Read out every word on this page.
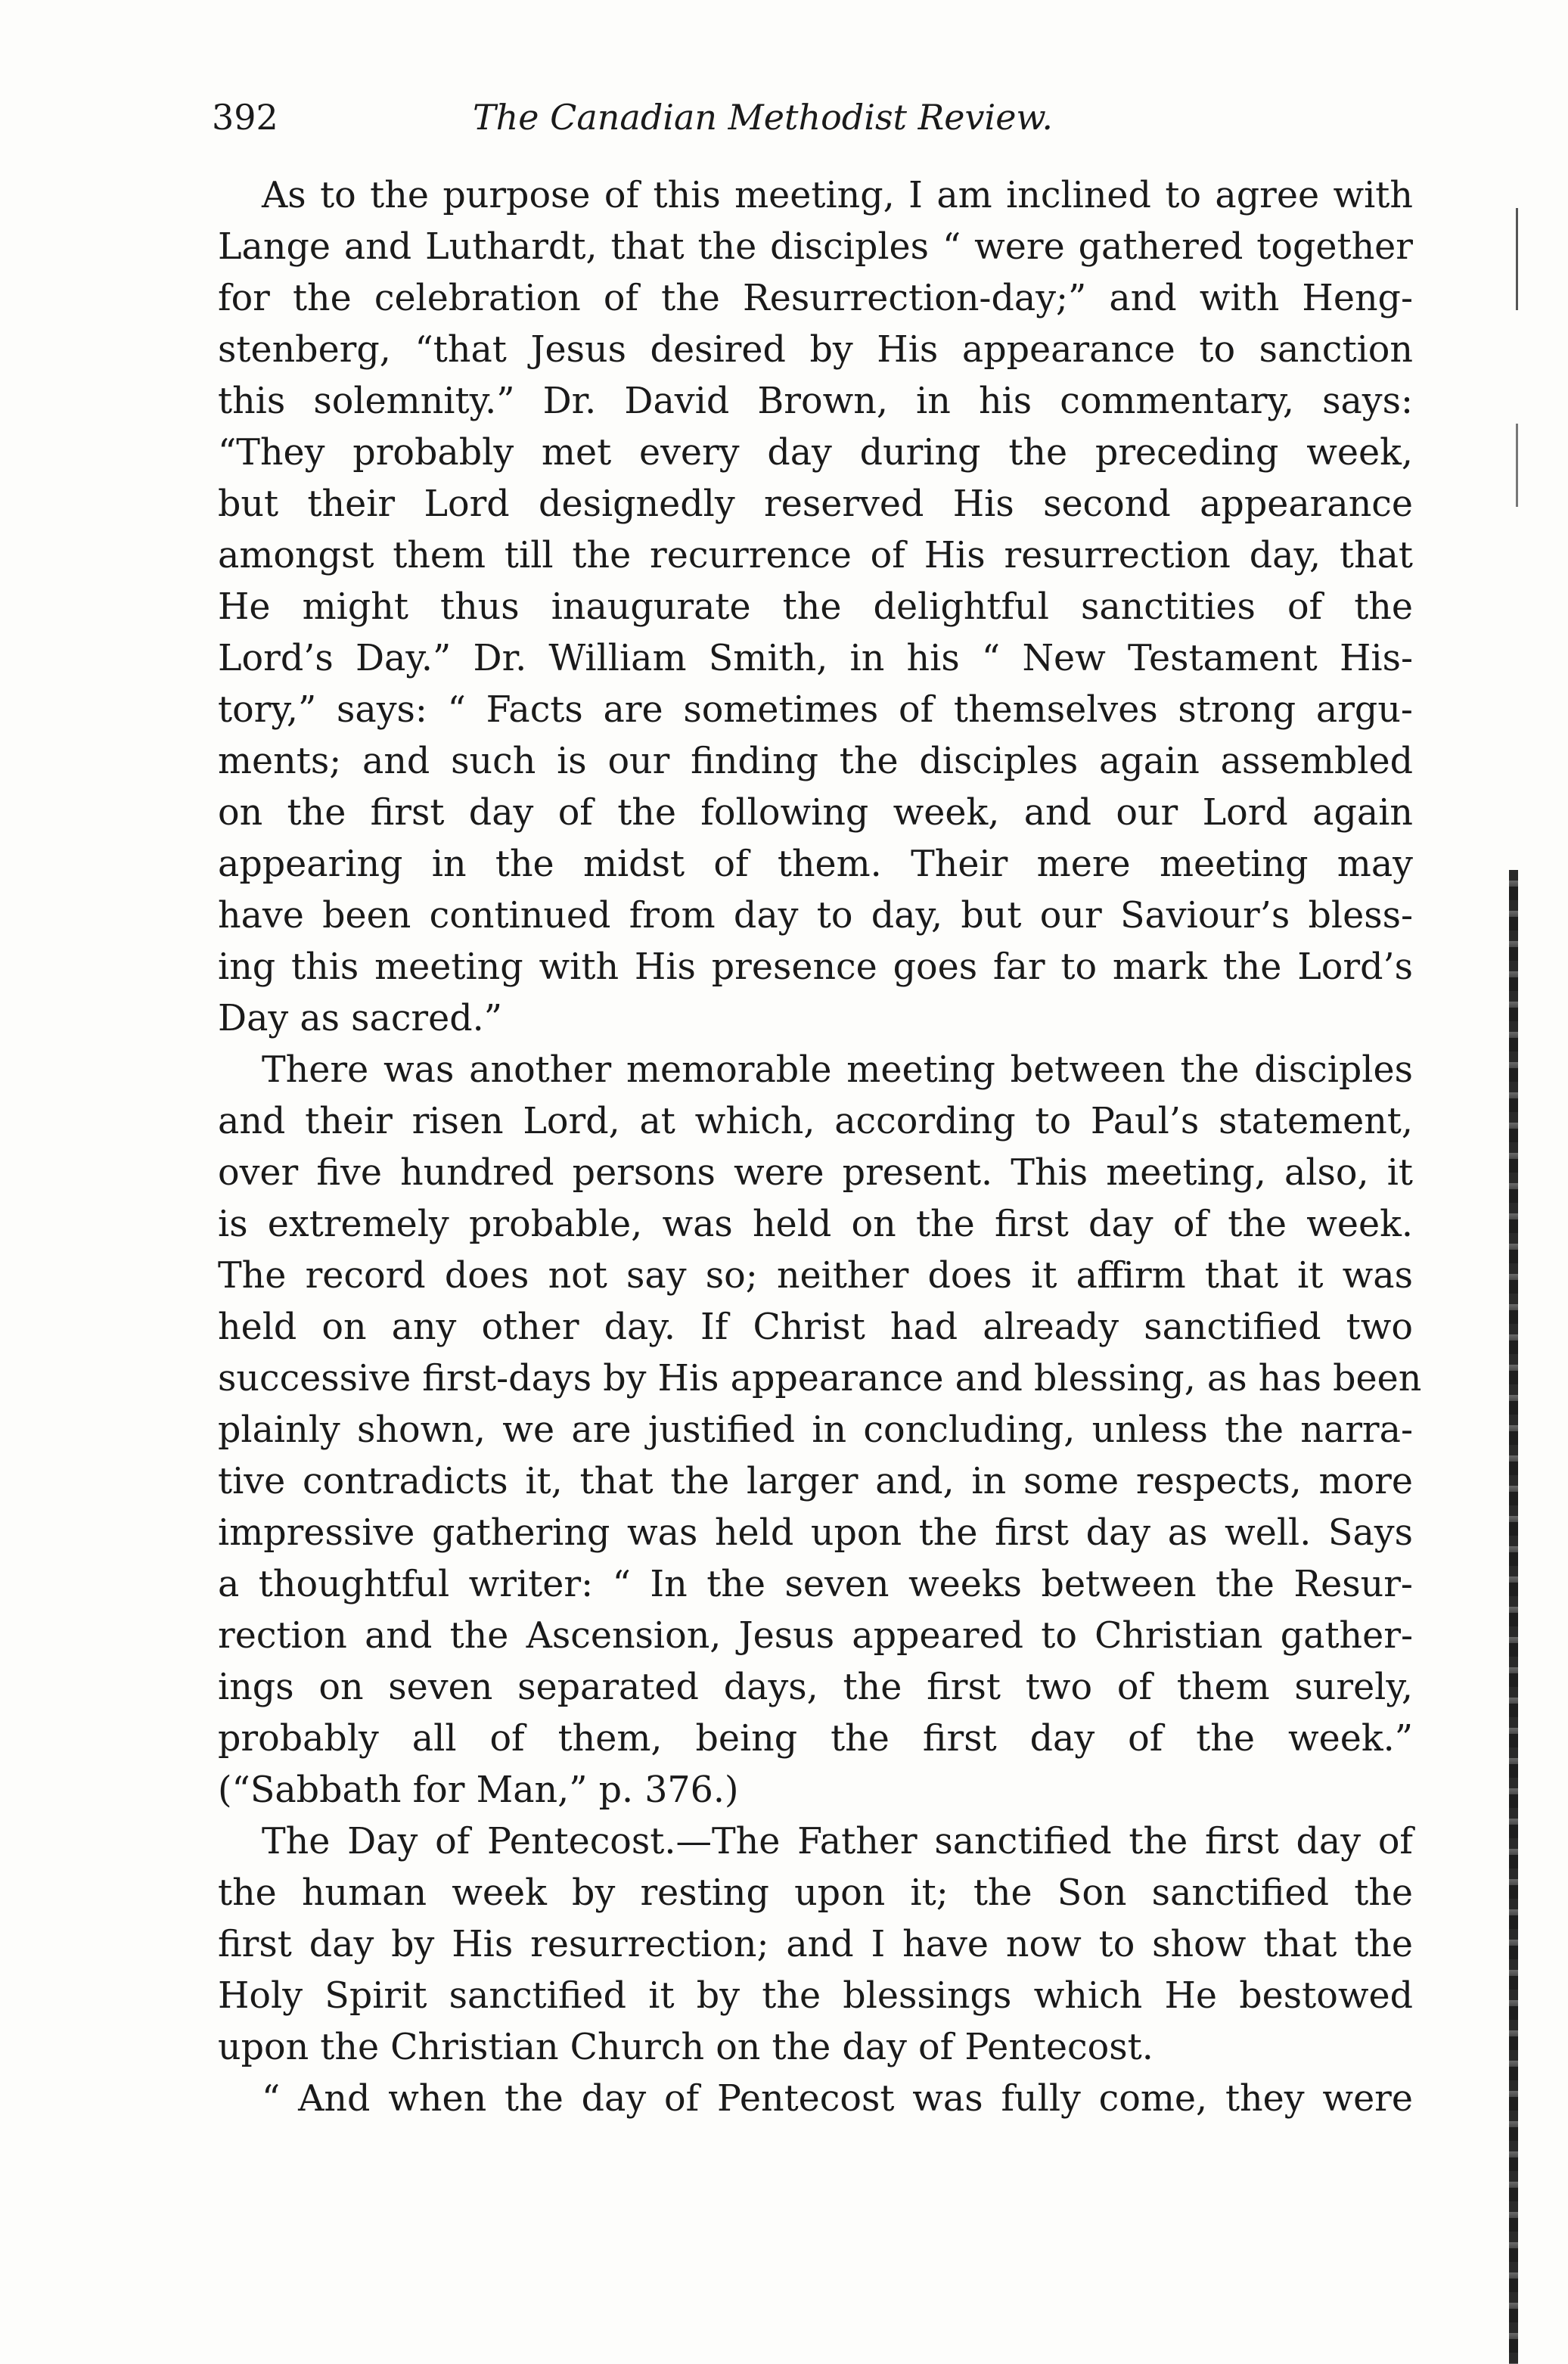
392	The Canadian Methodist Review.
As to the purpose of this meeting, I am inclined to agree with
Lange and Luthardt, that the disciples “ were gathered together
for the celebration of the Resurrection-day;” and with Heng-
stenberg, “that Jesus desired by His appearance to sanction
this solemnity.” Dr. David Brown, in his commentary, says:
“They probably met every day during the preceding week,
but their Lord designedly reserved His second appearance
amongst them till the recurrence of His resurrection day, that
He might thus inaugurate the delightful sanctities of the
Lord’s Day.” Dr. William Smith, in his “ New Testament His-
tory,” says: “ Facts are sometimes of themselves strong argu-
ments; and such is our finding the disciples again assembled
on the first day of the following week, and our Lord again
appearing in the midst of them. Their mere meeting may
have been continued from day to day, but our Saviour’s bless-
ing this meeting with His presence goes far to mark the Lord’s
Day as sacred.”
There was another memorable meeting between the disciples
and their risen Lord, at which, according to Paul’s statement,
over five hundred persons were present. This meeting, also, it
is extremely probable, was held on the first day of the week.
The record does not say so; neither does it affirm that it was
held on any other day. If Christ had already sanctified two
successive first-days by His appearance and blessing, as has been
plainly shown, we are justified in concluding, unless the narra-
tive contradicts it, that the larger and, in some respects, more
impressive gathering was held upon the first day as well. Says
a thoughtful writer: “ In the seven weeks between the Resur-
rection and the Ascension, Jesus appeared to Christian gather-
ings on seven separated days, the first two of them surely,
probably all of them, being the first day of the week.”
(“Sabbath for Man,” p. 376.)
The Day of Pentecost.—The Father sanctified the first day of
the human week by resting upon it; the Son sanctified the
first day by His resurrection; and I have now to show that the
Holy Spirit sanctified it by the blessings which He bestowed
upon the Christian Church on the day of Pentecost.
“ And when the day of Pentecost was fully come, they were
